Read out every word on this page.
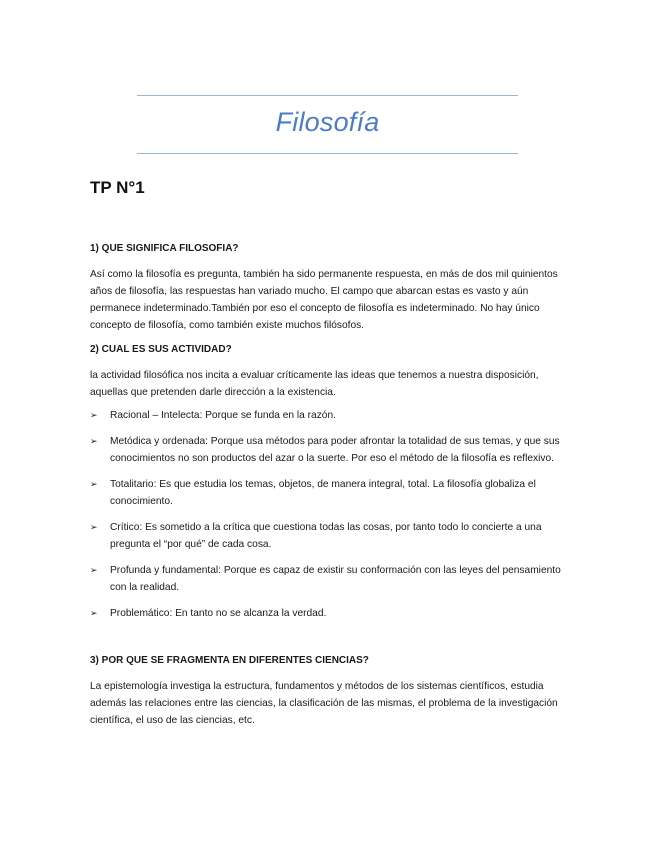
Filosofía
TP N°1

1) QUE SIGNIFICA FILOSOFIA?

Así como la filosofía es pregunta, también ha sido permanente respuesta, en más de dos mil quinientos años de filosofía, las respuestas han variado mucho. El campo que abarcan estas es vasto y aún permanece indeterminado.También por eso el concepto de filosofía es indeterminado. No hay único concepto de filosofía, como también existe muchos filósofos.

2) CUAL ES SUS ACTIVIDAD?

la actividad filosófica nos incita a evaluar críticamente las ideas que tenemos a nuestra disposición, aquellas que pretenden darle dirección a la existencia.

➢ Racional – Intelecta: Porque se funda en la razón.
➢ Metódica y ordenada: Porque usa métodos para poder afrontar la totalidad de sus temas, y que sus conocimientos no son productos del azar o la suerte. Por eso el método de la filosofía es reflexivo.
➢ Totalitario: Es que estudia los temas, objetos, de manera integral, total. La filosofía globaliza el conocimiento.
➢ Crítico: Es sometido a la crítica que cuestiona todas las cosas, por tanto todo lo concierte a una pregunta el “por qué” de cada cosa.
➢ Profunda y fundamental: Porque es capaz de existir su conformación con las leyes del pensamiento con la realidad.
➢ Problemático: En tanto no se alcanza la verdad.

3) POR QUE SE FRAGMENTA EN DIFERENTES CIENCIAS?

La epistemología investiga la estructura, fundamentos y métodos de los sistemas científicos, estudia además las relaciones entre las ciencias, la clasificación de las mismas, el problema de la investigación científica, el uso de las ciencias, etc.
